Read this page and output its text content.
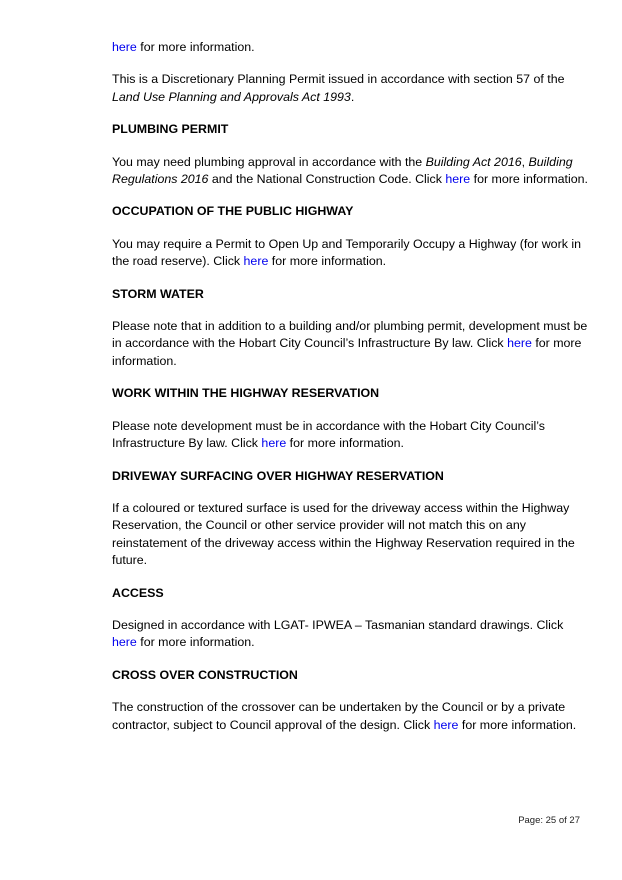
here for more information.

This is a Discretionary Planning Permit issued in accordance with section 57 of the Land Use Planning and Approvals Act 1993.

PLUMBING PERMIT

You may need plumbing approval in accordance with the Building Act 2016, Building Regulations 2016 and the National Construction Code. Click here for more information.

OCCUPATION OF THE PUBLIC HIGHWAY

You may require a Permit to Open Up and Temporarily Occupy a Highway (for work in the road reserve). Click here for more information.

STORM WATER

Please note that in addition to a building and/or plumbing permit, development must be in accordance with the Hobart City Council’s Infrastructure By law. Click here for more information.

WORK WITHIN THE HIGHWAY RESERVATION

Please note development must be in accordance with the Hobart City Council’s Infrastructure By law. Click here for more information.

DRIVEWAY SURFACING OVER HIGHWAY RESERVATION

If a coloured or textured surface is used for the driveway access within the Highway Reservation, the Council or other service provider will not match this on any reinstatement of the driveway access within the Highway Reservation required in the future.

ACCESS

Designed in accordance with LGAT- IPWEA – Tasmanian standard drawings. Click here for more information.

CROSS OVER CONSTRUCTION

The construction of the crossover can be undertaken by the Council or by a private contractor, subject to Council approval of the design. Click here for more information.

Page: 25 of 27
